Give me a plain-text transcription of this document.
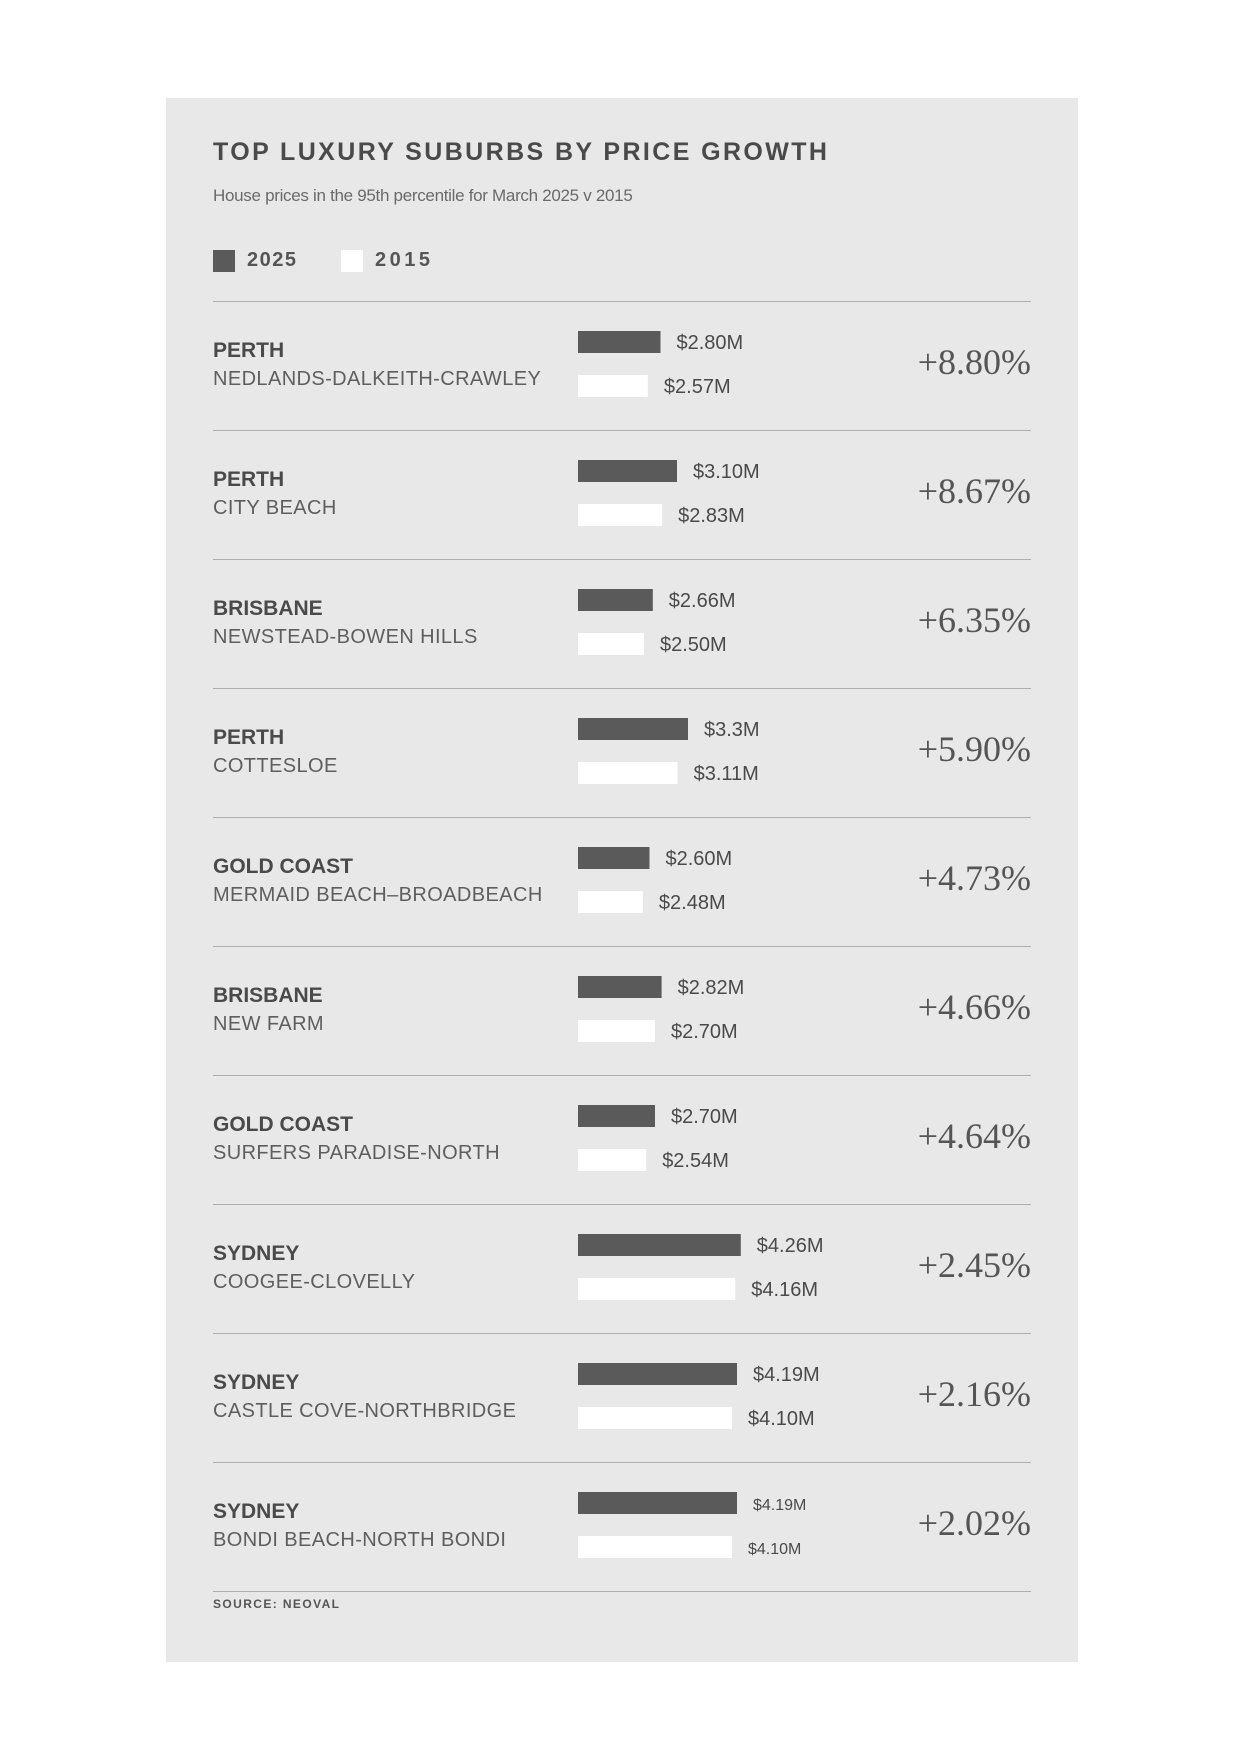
TOP LUXURY SUBURBS BY PRICE GROWTH

House prices in the 95th percentile for March 2025 v 2015

2025	2015
PERTH
NEDLANDS-DALKEITH-CRAWLEY
$2.80M
$2.57M
+8.80%
PERTH
CITY BEACH
$3.10M
$2.83M
+8.67%
BRISBANE
NEWSTEAD-BOWEN HILLS
$2.66M
$2.50M
+6.35%
PERTH
COTTESLOE
$3.3M
$3.11M
+5.90%
GOLD COAST
MERMAID BEACH–BROADBEACH
$2.60M
$2.48M
+4.73%
BRISBANE
NEW FARM
$2.82M
$2.70M
+4.66%
GOLD COAST
SURFERS PARADISE-NORTH
$2.70M
$2.54M
+4.64%
SYDNEY
COOGEE-CLOVELLY
$4.26M
$4.16M
+2.45%
SYDNEY
CASTLE COVE-NORTHBRIDGE
$4.19M
$4.10M
+2.16%
SYDNEY
BONDI BEACH-NORTH BONDI
$4.19M
$4.10M
+2.02%
SOURCE: NEOVAL
